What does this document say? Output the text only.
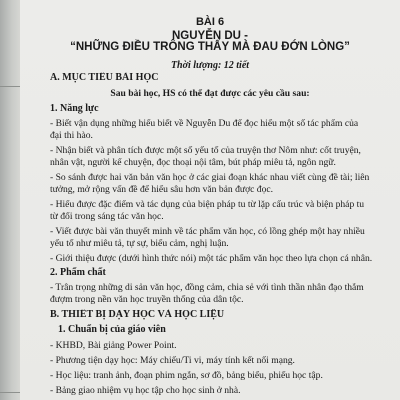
BÀI 6
NGUYỄN DU -
“NHỮNG ĐIỀU TRÔNG THẤY MÀ ĐAU ĐỚN LÒNG”
Thời lượng: 12 tiết
A. MỤC TIÊU BÀI HỌC
Sau bài học, HS có thể đạt được các yêu cầu sau:
1. Năng lực
- Biết vận dụng những hiểu biết về Nguyễn Du để đọc hiểu một số tác phẩm của
đại thi hào.
- Nhận biết và phân tích được một số yếu tố của truyện thơ Nôm như: cốt truyện,
nhân vật, người kể chuyện, đọc thoại nội tâm, bút pháp miêu tả, ngôn ngữ.
- So sánh được hai văn bản văn học ở các giai đoạn khác nhau viết cùng đề tài; liên
tưởng, mở rộng vấn đề để hiểu sâu hơn văn bản được đọc.
- Hiểu được đặc điểm và tác dụng của biện pháp tu từ lặp cấu trúc và biện pháp tu
từ đối trong sáng tác văn học.
- Viết được bài văn thuyết minh về tác phẩm văn học, có lồng ghép một hay nhiều
yếu tố như miêu tả, tự sự, biểu cảm, nghị luận.
- Giới thiệu được (dưới hình thức nói) một tác phẩm văn học theo lựa chọn cá nhân.
2. Phẩm chất
- Trân trọng những di sản văn học, đồng cảm, chia sẻ với tình thần nhân đạo thắm
đượm trong nền văn học truyền thống của dân tộc.
B. THIẾT BỊ DẠY HỌC VÀ HỌC LIỆU
1. Chuẩn bị của giáo viên
- KHBD, Bài giảng Power Point.
- Phương tiện dạy học: Máy chiếu/Ti vi, máy tính kết nối mạng.
- Học liệu: tranh ảnh, đoạn phim ngắn, sơ đồ, bảng biểu, phiếu học tập.
- Bảng giao nhiệm vụ học tập cho học sinh ở nhà.
